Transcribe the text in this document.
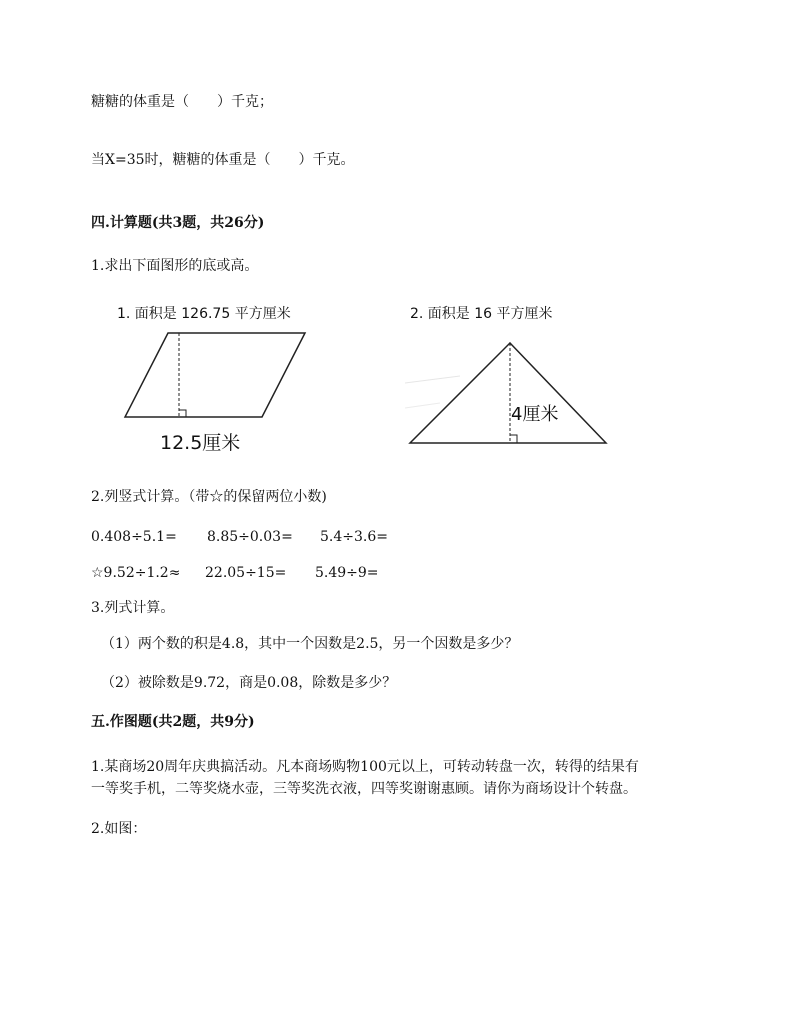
糖糖的体重是（　　）千克；
当X=35时，糖糖的体重是（　　）千克。
四.计算题(共3题，共26分)
1.求出下面图形的底或高。
1. 面积是 126.75 平方厘米
12.5厘米
2. 面积是 16 平方厘米
4厘米
2.列竖式计算。（带☆的保留两位小数)
0.408÷5.1= 8.85÷0.03= 5.4÷3.6=
☆9.52÷1.2≈ 22.05÷15= 5.49÷9=
3.列式计算。
（1）两个数的积是4.8，其中一个因数是2.5，另一个因数是多少？
（2）被除数是9.72，商是0.08，除数是多少？
五.作图题(共2题，共9分)
1.某商场20周年庆典搞活动。凡本商场购物100元以上，可转动转盘一次，转得的结果有
一等奖手机，二等奖烧水壶，三等奖洗衣液，四等奖谢谢惠顾。请你为商场设计个转盘。
2.如图：
